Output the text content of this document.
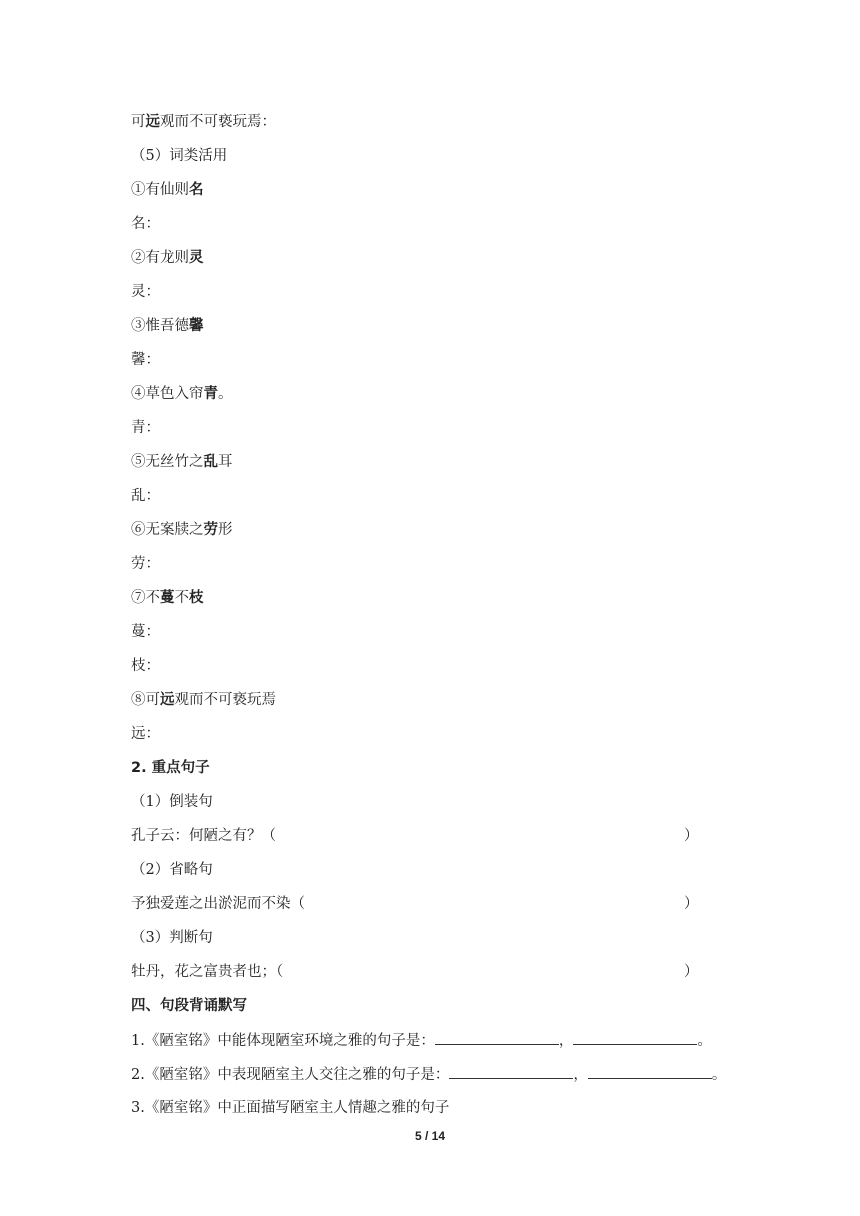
可远观而不可亵玩焉：
（5）词类活用
①有仙则名
名：
②有龙则灵
灵：
③惟吾德馨
馨：
④草色入帘青。
青：
⑤无丝竹之乱耳
乱：
⑥无案牍之劳形
劳：
⑦不蔓不枝
蔓：
枝：
⑧可远观而不可亵玩焉
远：
2. 重点句子
（1）倒装句
孔子云：何陋之有？（	）
（2）省略句
予独爱莲之出淤泥而不染（	）
（3）判断句
牡丹，花之富贵者也；（	）
四、句段背诵默写
1.《陋室铭》中能体现陋室环境之雅的句子是：	，	。
2.《陋室铭》中表现陋室主人交往之雅的句子是：	，	。
3.《陋室铭》中正面描写陋室主人情趣之雅的句子
5 / 14
